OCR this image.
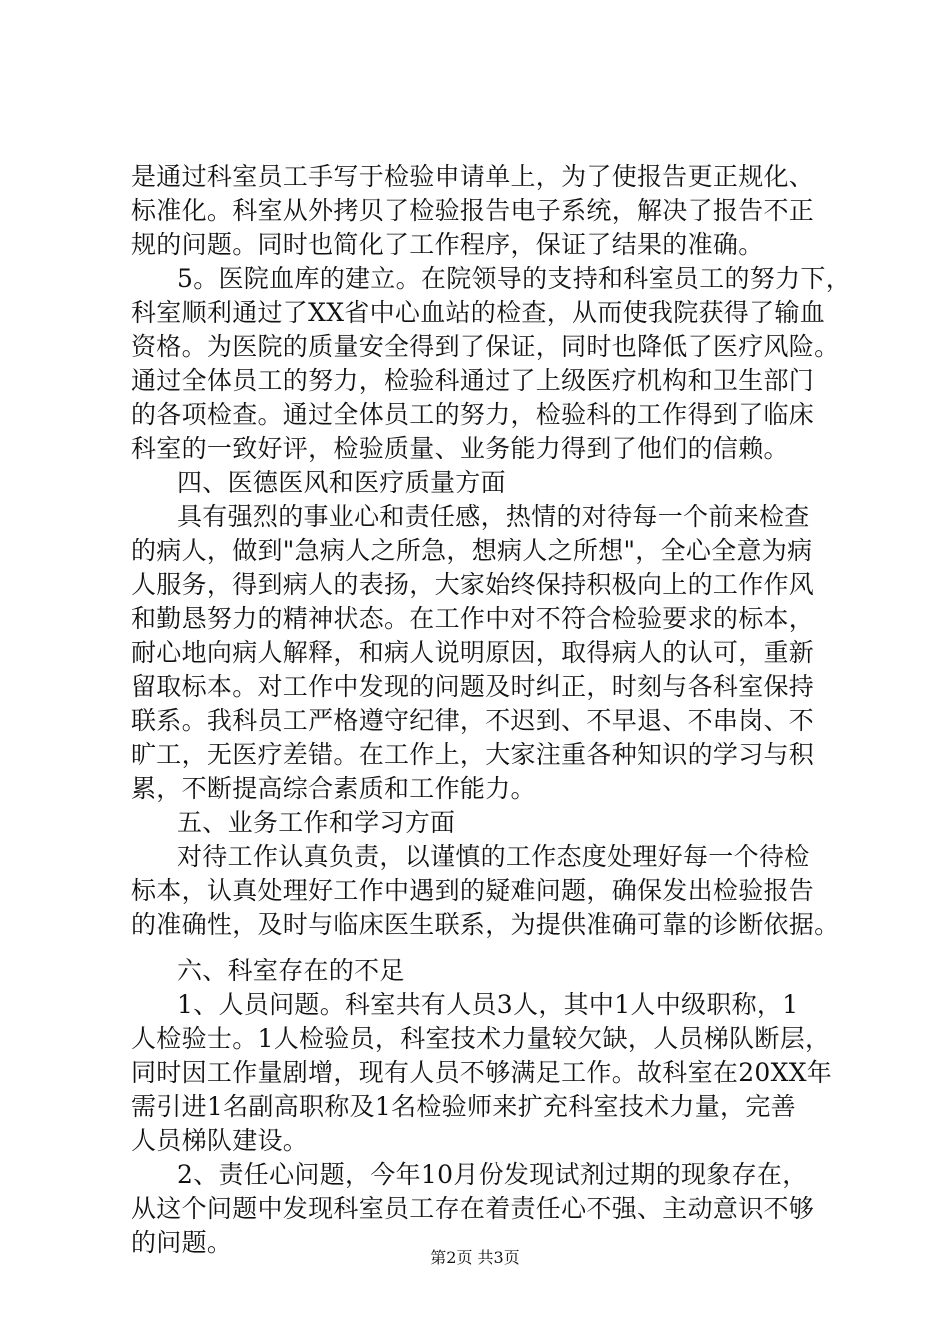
是通过科室员工手写于检验申请单上，为了使报告更正规化、
标准化。科室从外拷贝了检验报告电子系统，解决了报告不正
规的问题。同时也简化了工作程序，保证了结果的准确。
5。医院血库的建立。在院领导的支持和科室员工的努力下，
科室顺利通过了XX省中心血站的检查，从而使我院获得了输血
资格。为医院的质量安全得到了保证，同时也降低了医疗风险。
通过全体员工的努力，检验科通过了上级医疗机构和卫生部门
的各项检查。通过全体员工的努力，检验科的工作得到了临床
科室的一致好评，检验质量、业务能力得到了他们的信赖。
四、医德医风和医疗质量方面
具有强烈的事业心和责任感，热情的对待每一个前来检查
的病人，做到"急病人之所急，想病人之所想"，全心全意为病
人服务，得到病人的表扬，大家始终保持积极向上的工作作风
和勤恳努力的精神状态。在工作中对不符合检验要求的标本，
耐心地向病人解释，和病人说明原因，取得病人的认可，重新
留取标本。对工作中发现的问题及时纠正，时刻与各科室保持
联系。我科员工严格遵守纪律，不迟到、不早退、不串岗、不
旷工，无医疗差错。在工作上，大家注重各种知识的学习与积
累，不断提高综合素质和工作能力。
五、业务工作和学习方面
对待工作认真负责，以谨慎的工作态度处理好每一个待检
标本，认真处理好工作中遇到的疑难问题，确保发出检验报告
的准确性，及时与临床医生联系，为提供准确可靠的诊断依据。
六、科室存在的不足
1、人员问题。科室共有人员3人，其中1人中级职称，1
人检验士。1人检验员，科室技术力量较欠缺，人员梯队断层，
同时因工作量剧增，现有人员不够满足工作。故科室在20XX年
需引进1名副高职称及1名检验师来扩充科室技术力量，完善
人员梯队建设。
2、责任心问题，今年10月份发现试剂过期的现象存在，
从这个问题中发现科室员工存在着责任心不强、主动意识不够
的问题。
第2页 共3页
